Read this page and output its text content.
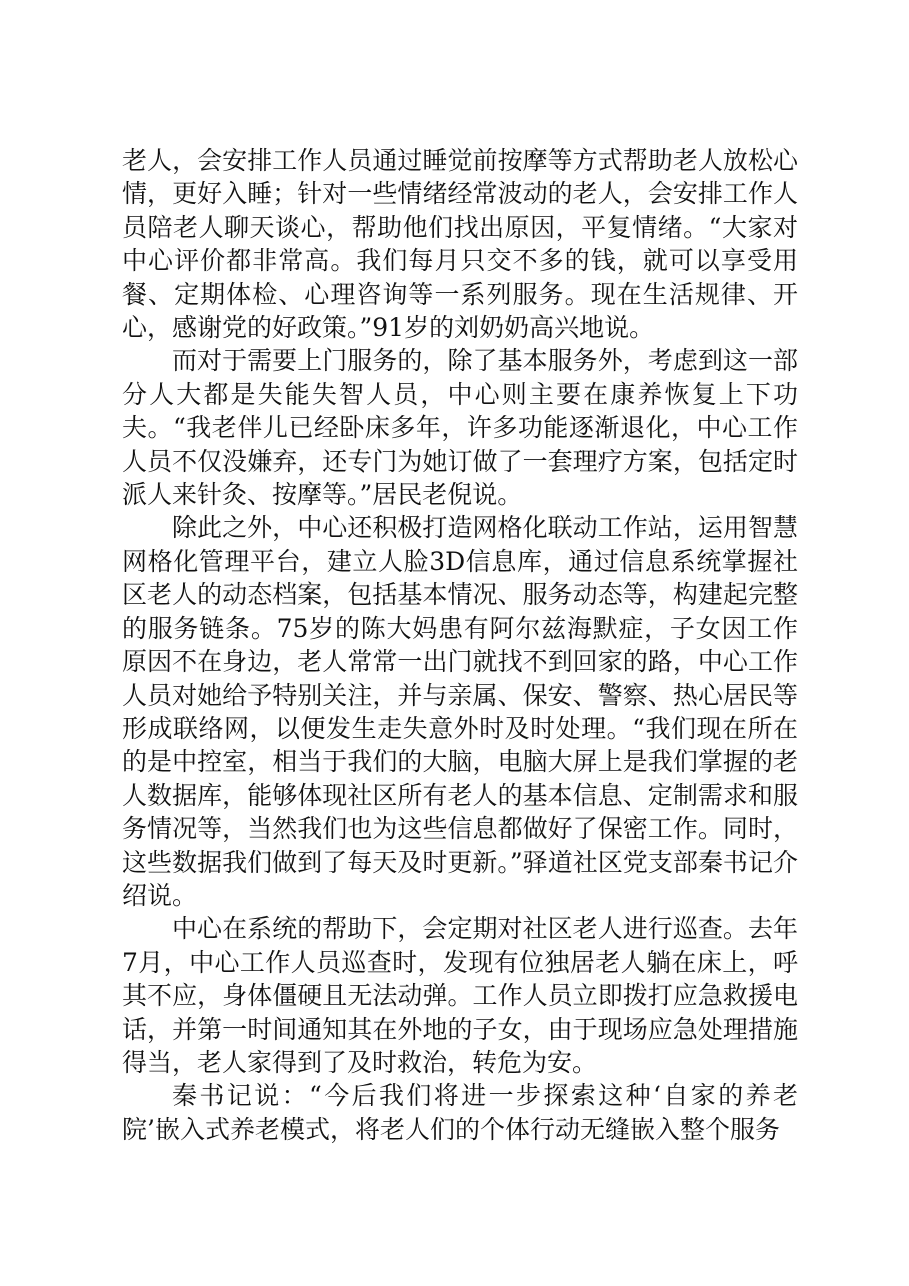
老人，会安排工作人员通过睡觉前按摩等方式帮助老人放松心情，更好入睡；针对一些情绪经常波动的老人，会安排工作人员陪老人聊天谈心，帮助他们找出原因，平复情绪。“大家对中心评价都非常高。我们每月只交不多的钱，就可以享受用餐、定期体检、心理咨询等一系列服务。现在生活规律、开心，感谢党的好政策。”91岁的刘奶奶高兴地说。

而对于需要上门服务的，除了基本服务外，考虑到这一部分人大都是失能失智人员，中心则主要在康养恢复上下功夫。“我老伴儿已经卧床多年，许多功能逐渐退化，中心工作人员不仅没嫌弃，还专门为她订做了一套理疗方案，包括定时派人来针灸、按摩等。”居民老倪说。

除此之外，中心还积极打造网格化联动工作站，运用智慧网格化管理平台，建立人脸3D信息库，通过信息系统掌握社区老人的动态档案，包括基本情况、服务动态等，构建起完整的服务链条。75岁的陈大妈患有阿尔兹海默症，子女因工作原因不在身边，老人常常一出门就找不到回家的路，中心工作人员对她给予特别关注，并与亲属、保安、警察、热心居民等形成联络网，以便发生走失意外时及时处理。“我们现在所在的是中控室，相当于我们的大脑，电脑大屏上是我们掌握的老人数据库，能够体现社区所有老人的基本信息、定制需求和服务情况等，当然我们也为这些信息都做好了保密工作。同时，这些数据我们做到了每天及时更新。”驿道社区党支部秦书记介绍说。

中心在系统的帮助下，会定期对社区老人进行巡查。去年7月，中心工作人员巡查时，发现有位独居老人躺在床上，呼其不应，身体僵硬且无法动弹。工作人员立即拨打应急救援电话，并第一时间通知其在外地的子女，由于现场应急处理措施得当，老人家得到了及时救治，转危为安。

秦书记说：“今后我们将进一步探索这种‘自家的养老院’嵌入式养老模式，将老人们的个体行动无缝嵌入整个服务
